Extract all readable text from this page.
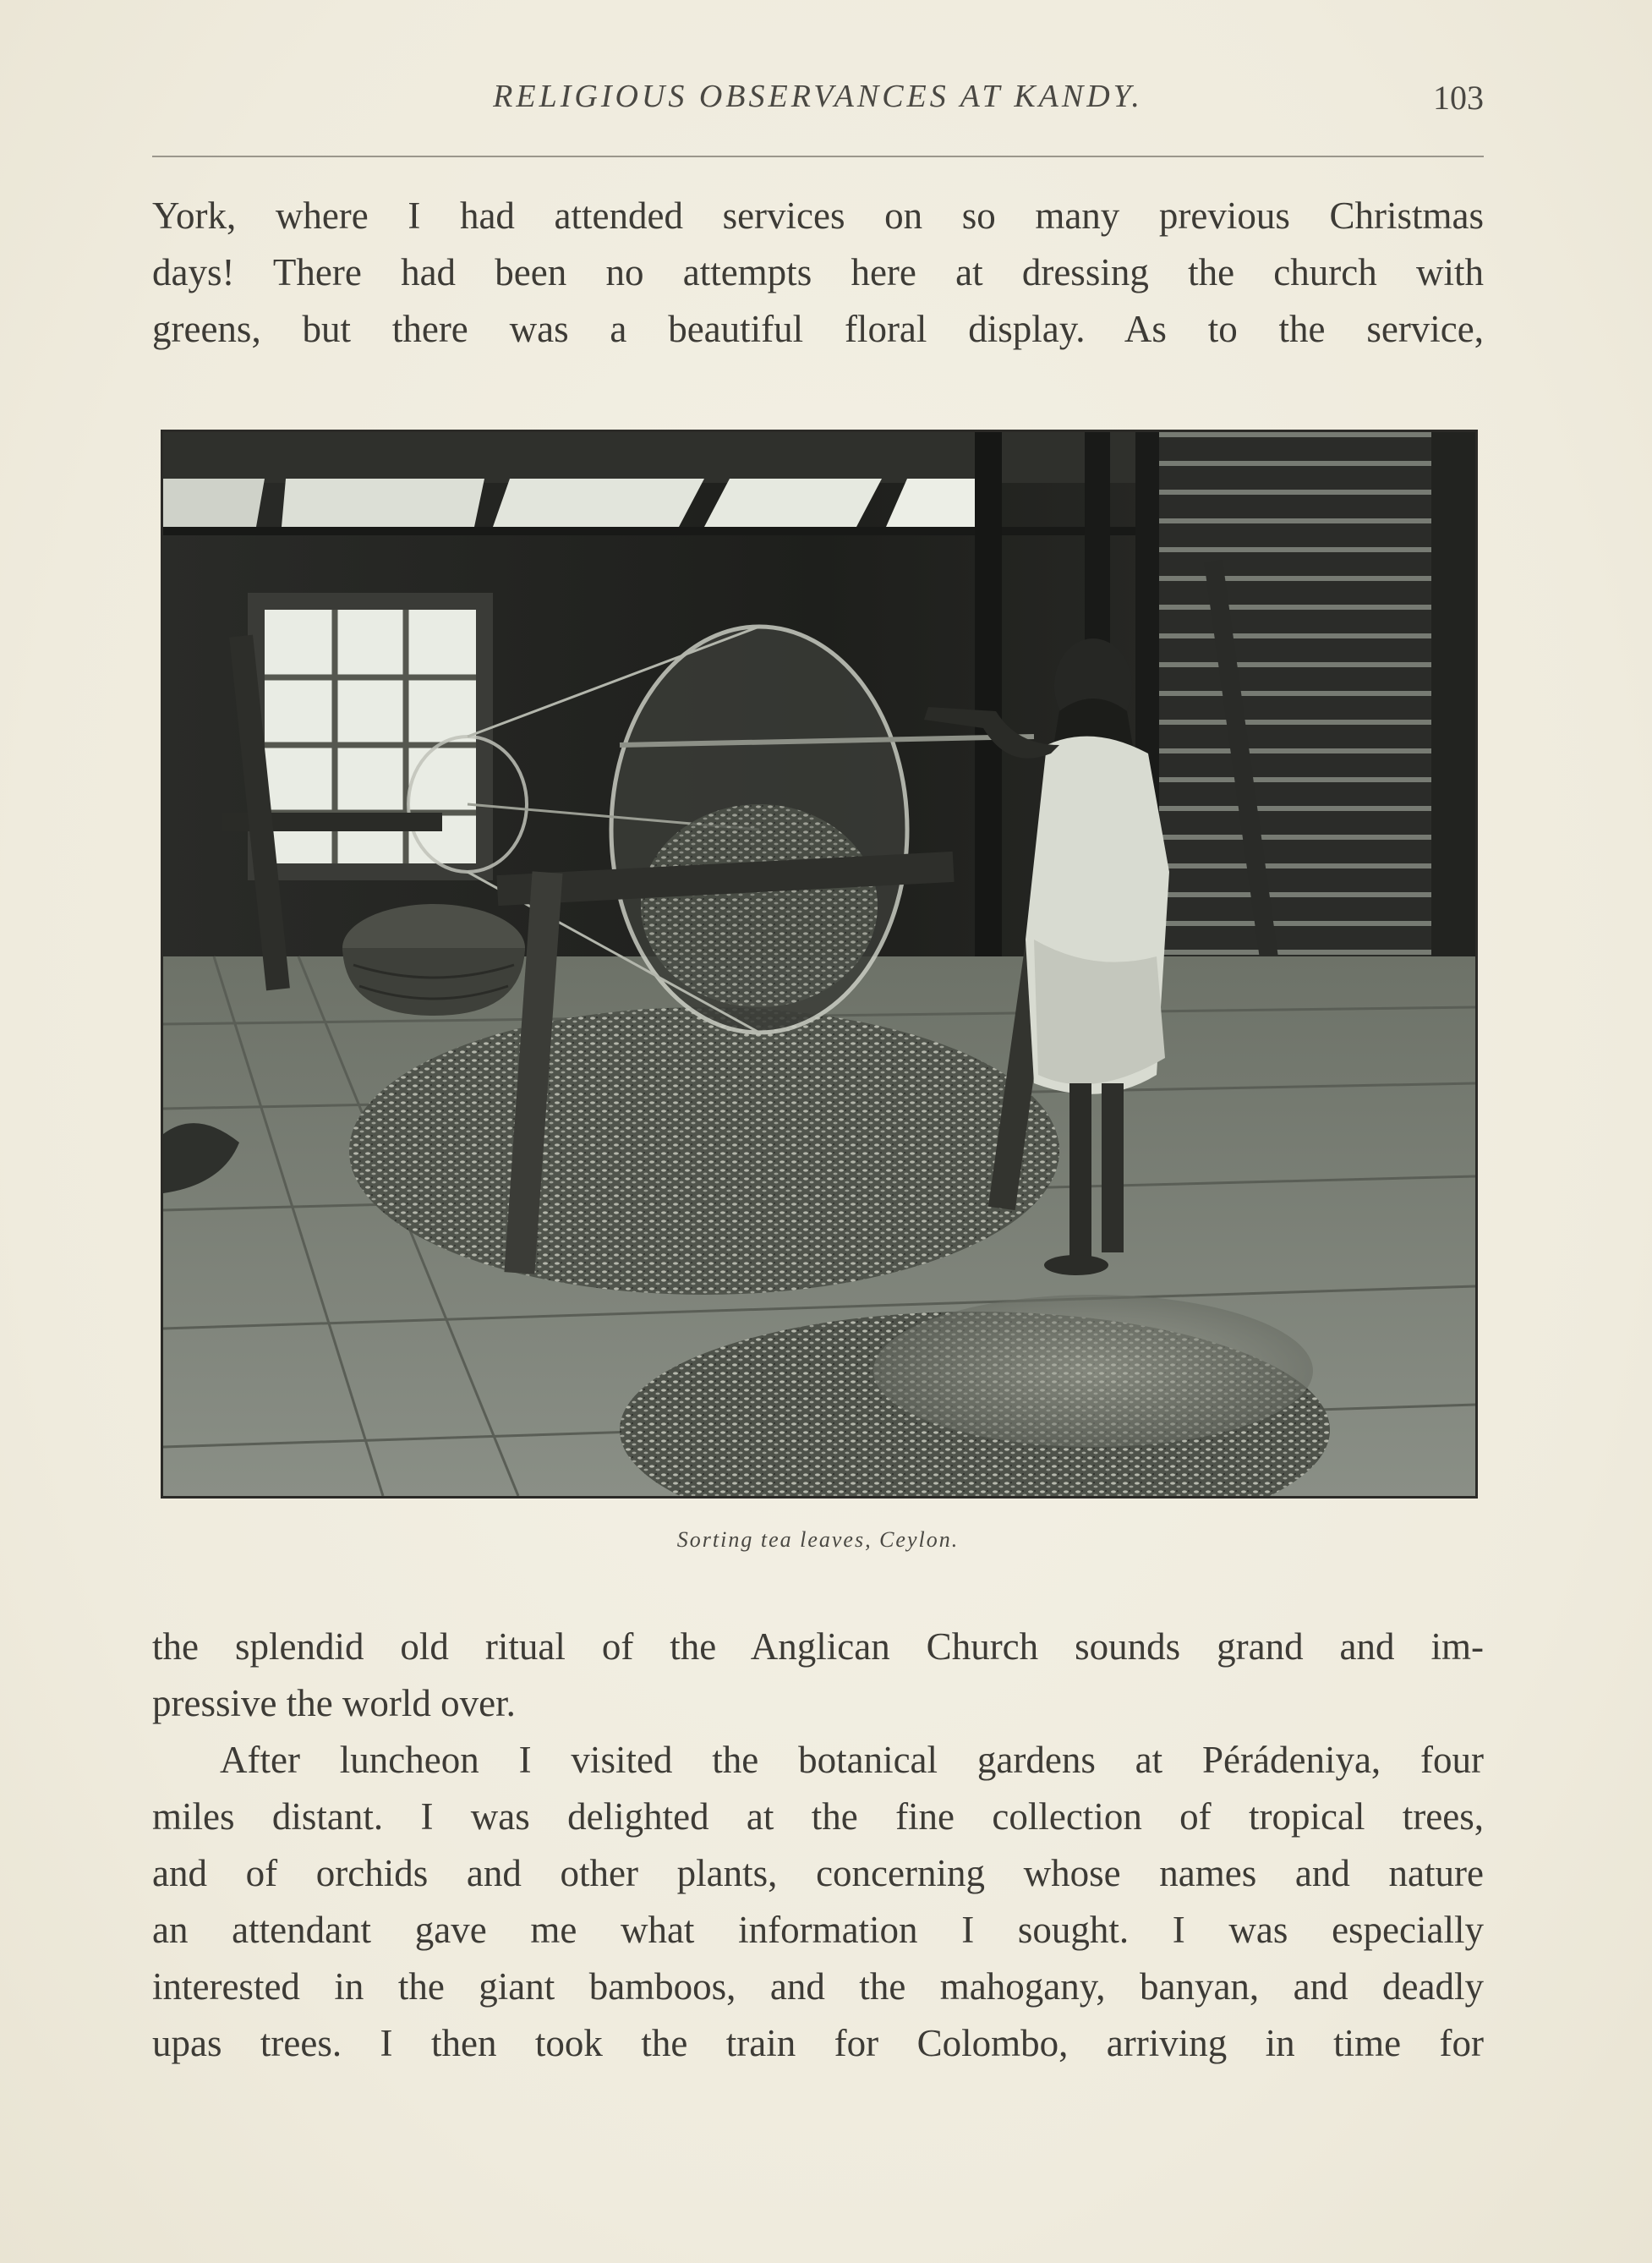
RELIGIOUS OBSERVANCES AT KANDY.	103
York, where I had attended services on so many previous Christmas
days! There had been no attempts here at dressing the church with
greens, but there was a beautiful floral display. As to the service,
Sorting tea leaves, Ceylon.
the splendid old ritual of the Anglican Church sounds grand and im-
pressive the world over.
After luncheon I visited the botanical gardens at Pérádeniya, four
miles distant. I was delighted at the fine collection of tropical trees,
and of orchids and other plants, concerning whose names and nature
an attendant gave me what information I sought. I was especially
interested in the giant bamboos, and the mahogany, banyan, and deadly
upas trees. I then took the train for Colombo, arriving in time for
